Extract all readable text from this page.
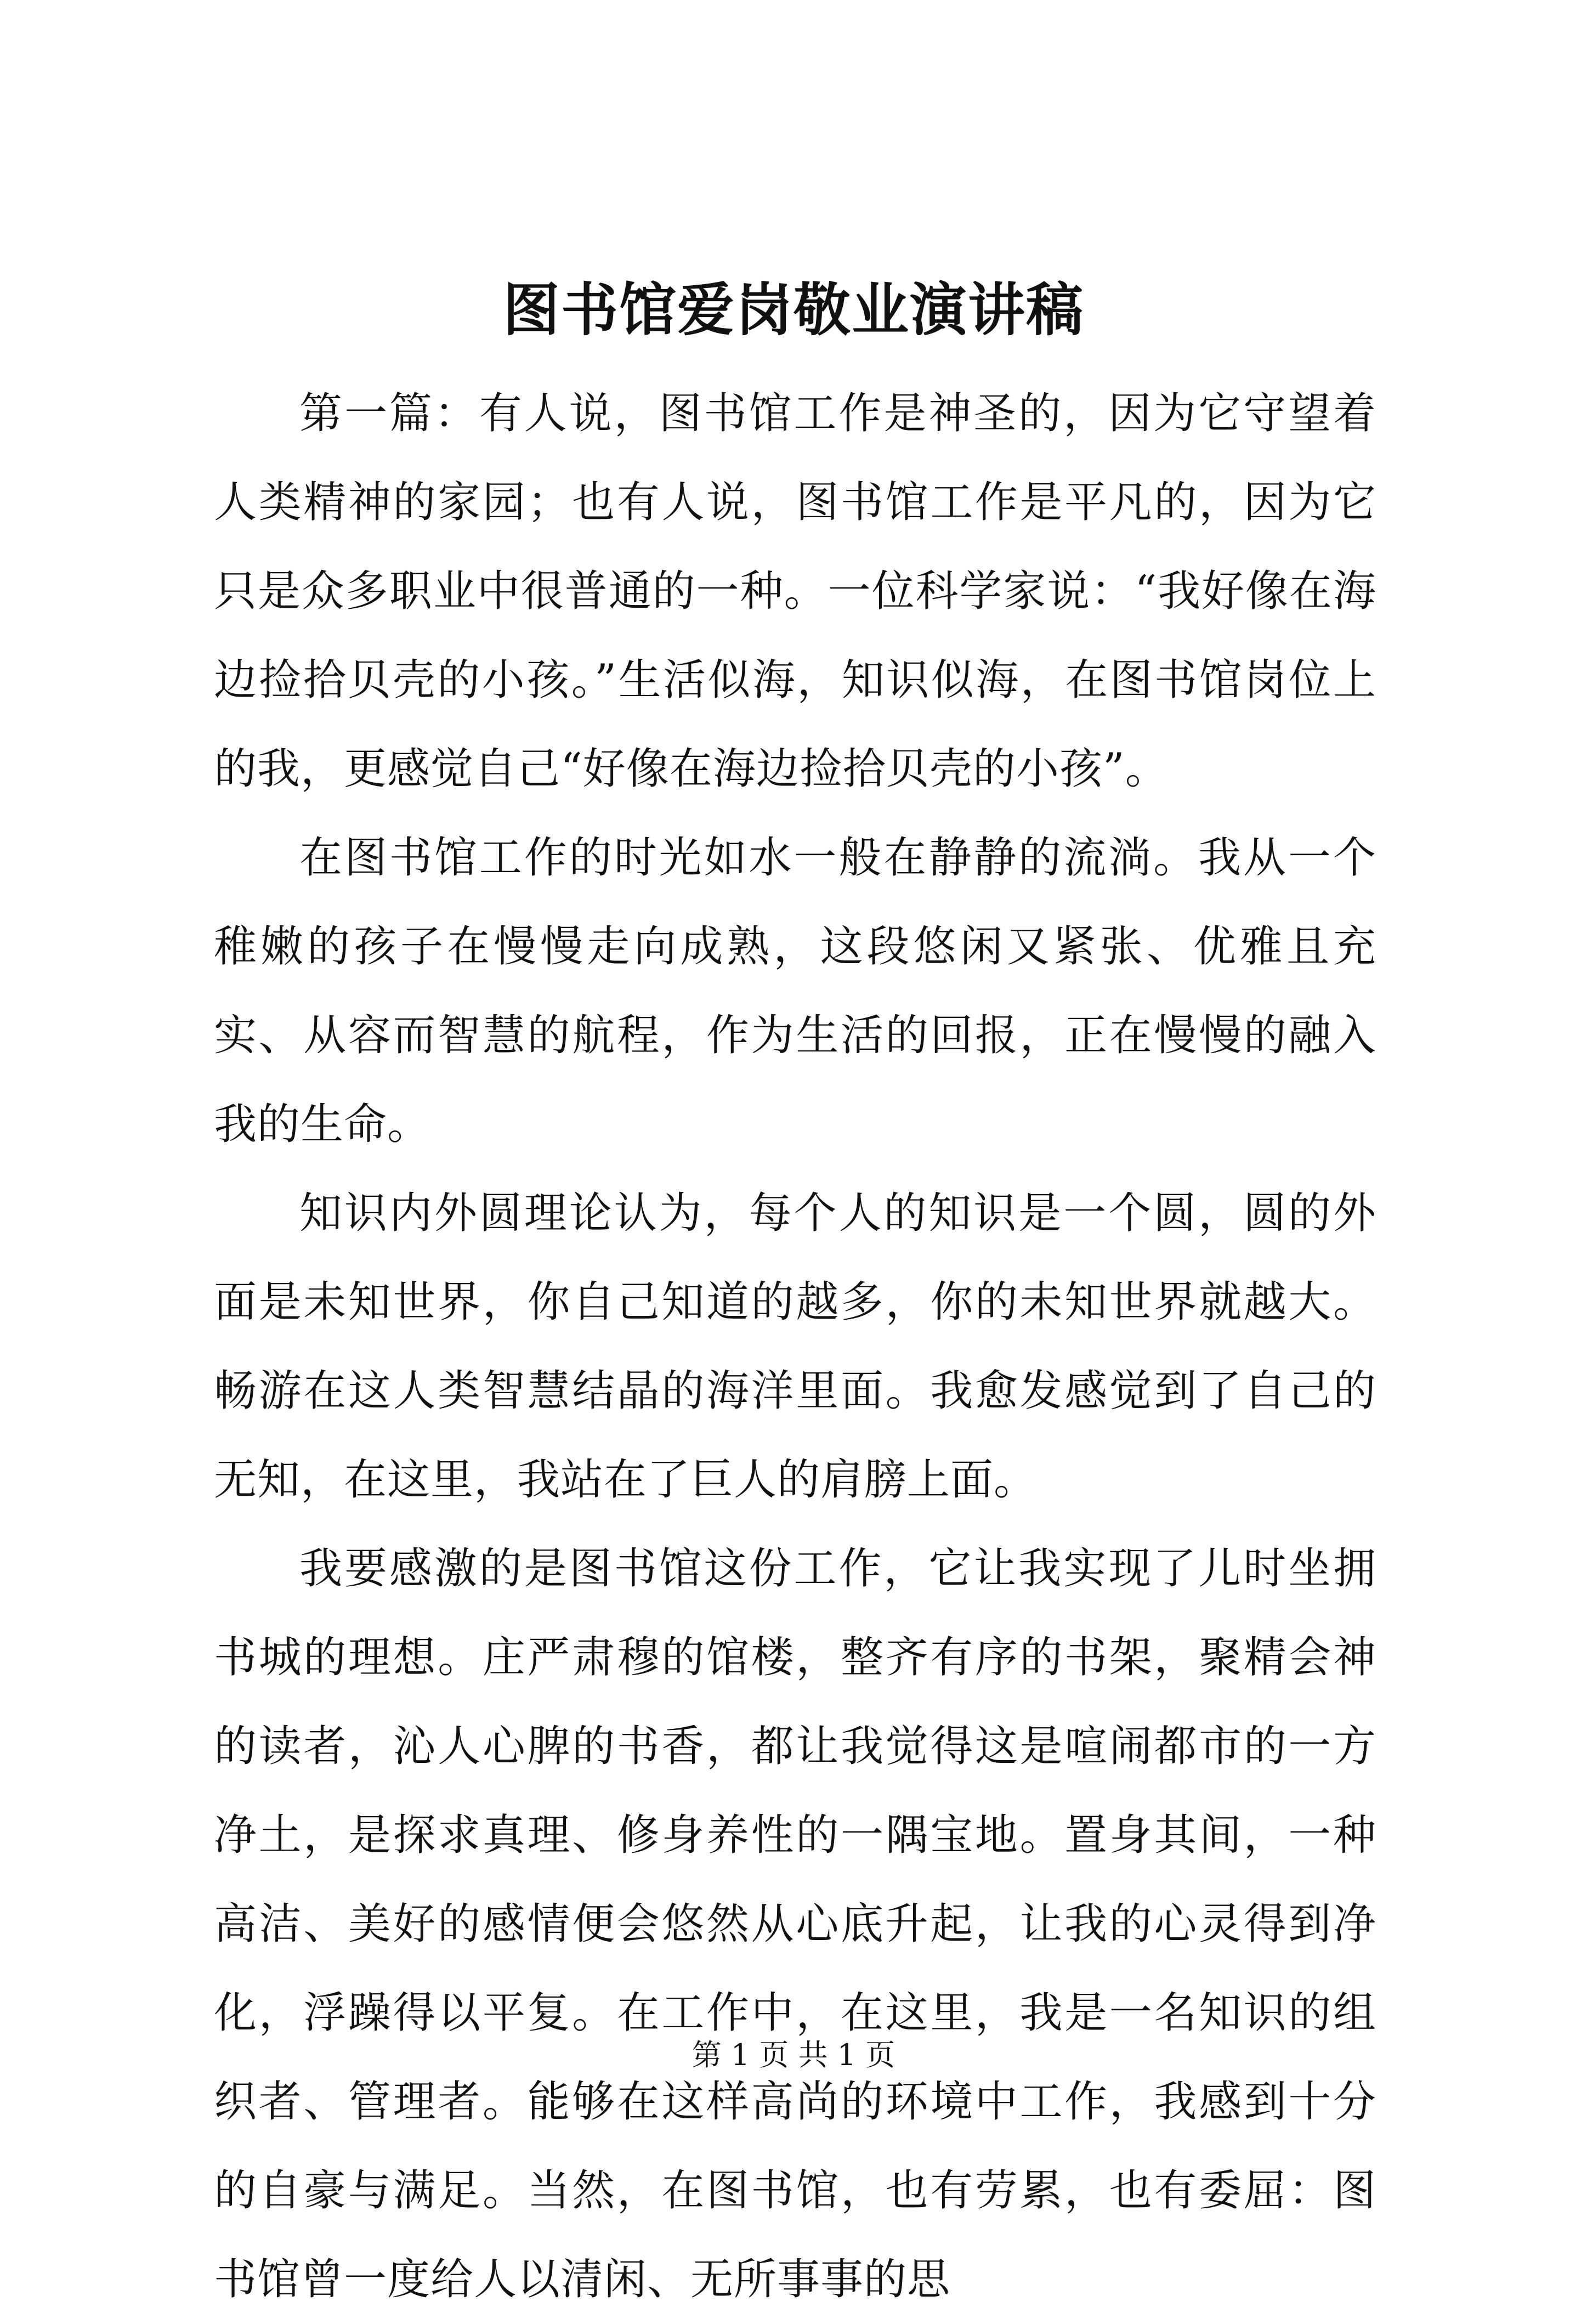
图书馆爱岗敬业演讲稿

第一篇：有人说，图书馆工作是神圣的，因为它守望着人类精神的家园；也有人说，图书馆工作是平凡的，因为它只是众多职业中很普通的一种。一位科学家说：“我好像在海边捡拾贝壳的小孩。”生活似海，知识似海，在图书馆岗位上的我，更感觉自己“好像在海边捡拾贝壳的小孩”。

在图书馆工作的时光如水一般在静静的流淌。我从一个稚嫩的孩子在慢慢走向成熟，这段悠闲又紧张、优雅且充实、从容而智慧的航程，作为生活的回报，正在慢慢的融入我的生命。

知识内外圆理论认为，每个人的知识是一个圆，圆的外面是未知世界，你自己知道的越多，你的未知世界就越大。畅游在这人类智慧结晶的海洋里面。我愈发感觉到了自己的无知，在这里，我站在了巨人的肩膀上面。

我要感激的是图书馆这份工作，它让我实现了儿时坐拥书城的理想。庄严肃穆的馆楼，整齐有序的书架，聚精会神的读者，沁人心脾的书香，都让我觉得这是喧闹都市的一方净土，是探求真理、修身养性的一隅宝地。置身其间，一种高洁、美好的感情便会悠然从心底升起，让我的心灵得到净化，浮躁得以平复。在工作中，在这里，我是一名知识的组织者、管理者。能够在这样高尚的环境中工作，我感到十分的自豪与满足。当然，在图书馆，也有劳累，也有委屈：图书馆曾一度给人以清闲、无所事事的思

第 1 页 共 1 页
